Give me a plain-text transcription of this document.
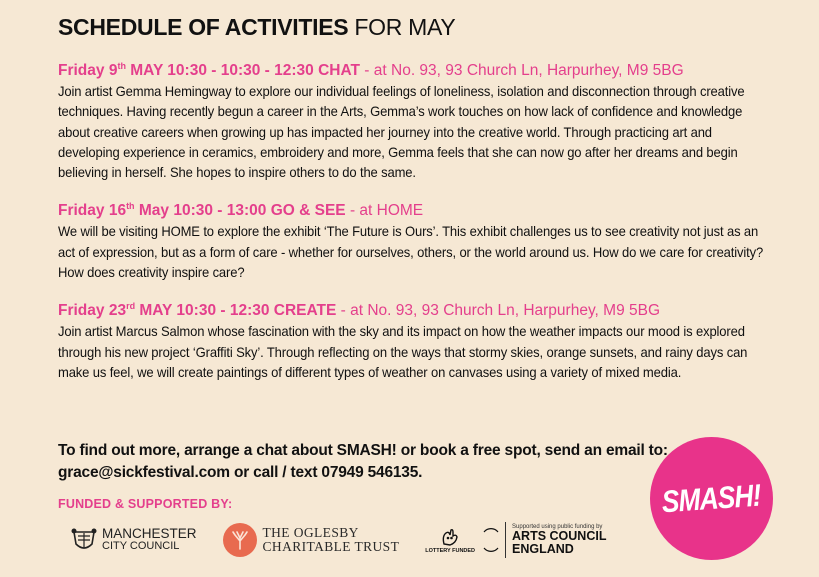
SCHEDULE OF ACTIVITIES FOR MAY
Friday 9th MAY 10:30 - 10:30 - 12:30 CHAT - at No. 93, 93 Church Ln, Harpurhey, M9 5BG

Join artist Gemma Hemingway to explore our individual feelings of loneliness, isolation and disconnection through creative techniques. Having recently begun a career in the Arts, Gemma’s work touches on how lack of confidence and knowledge about creative careers when growing up has impacted her journey into the creative world. Through practicing art and developing experience in ceramics, embroidery and more, Gemma feels that she can now go after her dreams and begin believing in herself. She hopes to inspire others to do the same.

Friday 16th May 10:30 - 13:00 GO & SEE - at HOME

We will be visiting HOME to explore the exhibit ‘The Future is Ours’. This exhibit challenges us to see creativity not just as an act of expression, but as a form of care - whether for ourselves, others, or the world around us. How do we care for creativity? How does creativity inspire care?

Friday 23rd MAY 10:30 - 12:30 CREATE - at No. 93, 93 Church Ln, Harpurhey, M9 5BG

Join artist Marcus Salmon whose fascination with the sky and its impact on how the weather impacts our mood is explored through his new project ‘Graffiti Sky’. Through reflecting on the ways that stormy skies, orange sunsets, and rainy days can make us feel, we will create paintings of different types of weather on canvases using a variety of mixed media.

To find out more, arrange a chat about SMASH! or book a free spot, send an email to: grace@sickfestival.com or call / text 07949 546135.
FUNDED & SUPPORTED BY:
MANCHESTER
CITY COUNCIL
THE OGLESBY
CHARITABLE TRUST	LOTTERY FUNDED
Supported using public funding by
ARTS COUNCIL
ENGLAND
SMASH!
